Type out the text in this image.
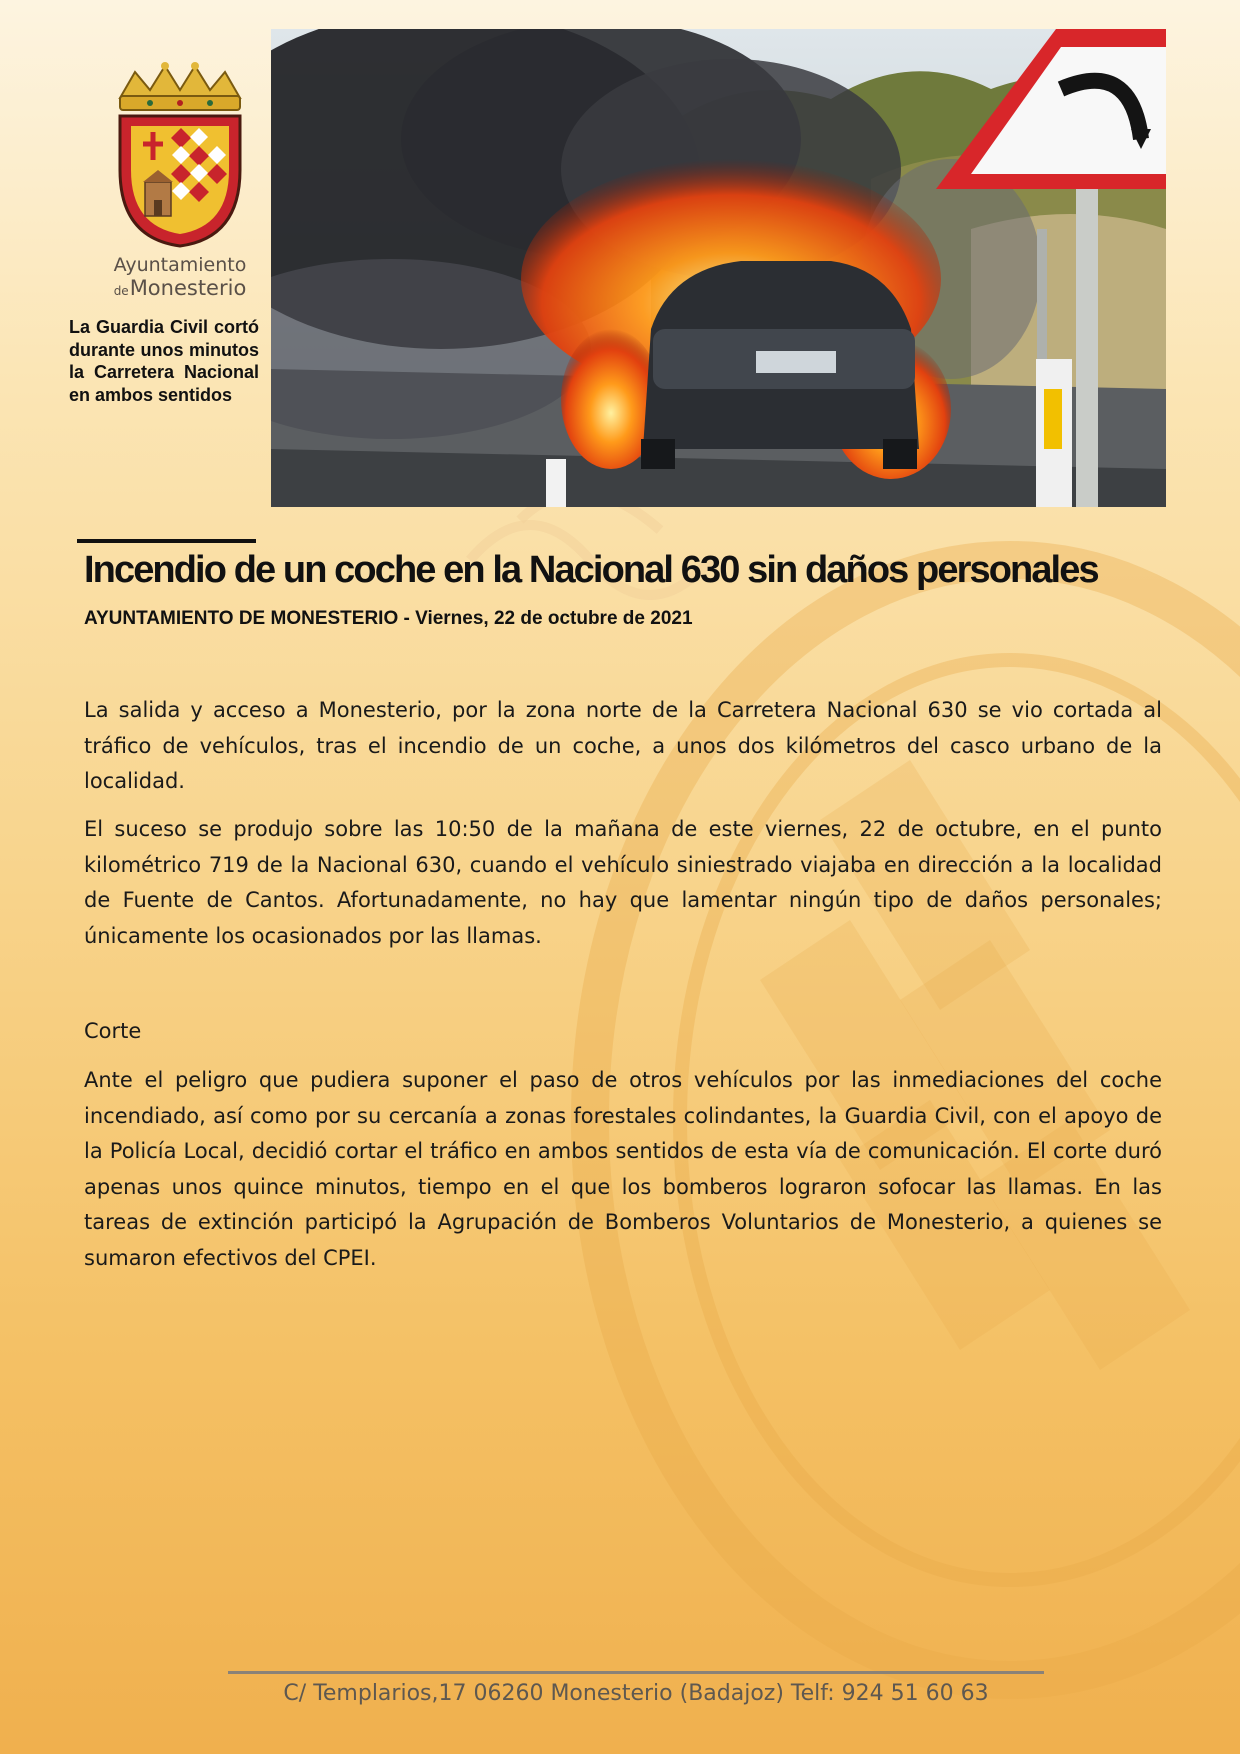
Ayuntamiento
deMonesterio

La Guardia Civil cortó durante unos minutos la Carretera Nacional en ambos sentidos

Incendio de un coche en la Nacional 630 sin daños personales

AYUNTAMIENTO DE MONESTERIO - Viernes, 22 de octubre de 2021

La salida y acceso a Monesterio, por la zona norte de la Carretera Nacional 630 se vio cortada al tráfico de vehículos, tras el incendio de un coche, a unos dos kilómetros del casco urbano de la localidad.

El suceso se produjo sobre las 10:50 de la mañana de este viernes, 22 de octubre, en el punto kilométrico 719 de la Nacional 630, cuando el vehículo siniestrado viajaba en dirección a la localidad de Fuente de Cantos. Afortunadamente, no hay que lamentar ningún tipo de daños personales; únicamente los ocasionados por las llamas.

Corte

Ante el peligro que pudiera suponer el paso de otros vehículos por las inmediaciones del coche incendiado, así como por su cercanía a zonas forestales colindantes, la Guardia Civil, con el apoyo de la Policía Local, decidió cortar el tráfico en ambos sentidos de esta vía de comunicación. El corte duró apenas unos quince minutos, tiempo en el que los bomberos lograron sofocar las llamas. En las tareas de extinción participó la Agrupación de Bomberos Voluntarios de Monesterio, a quienes se sumaron efectivos del CPEI.

C/ Templarios,17 06260 Monesterio (Badajoz) Telf: 924 51 60 63
